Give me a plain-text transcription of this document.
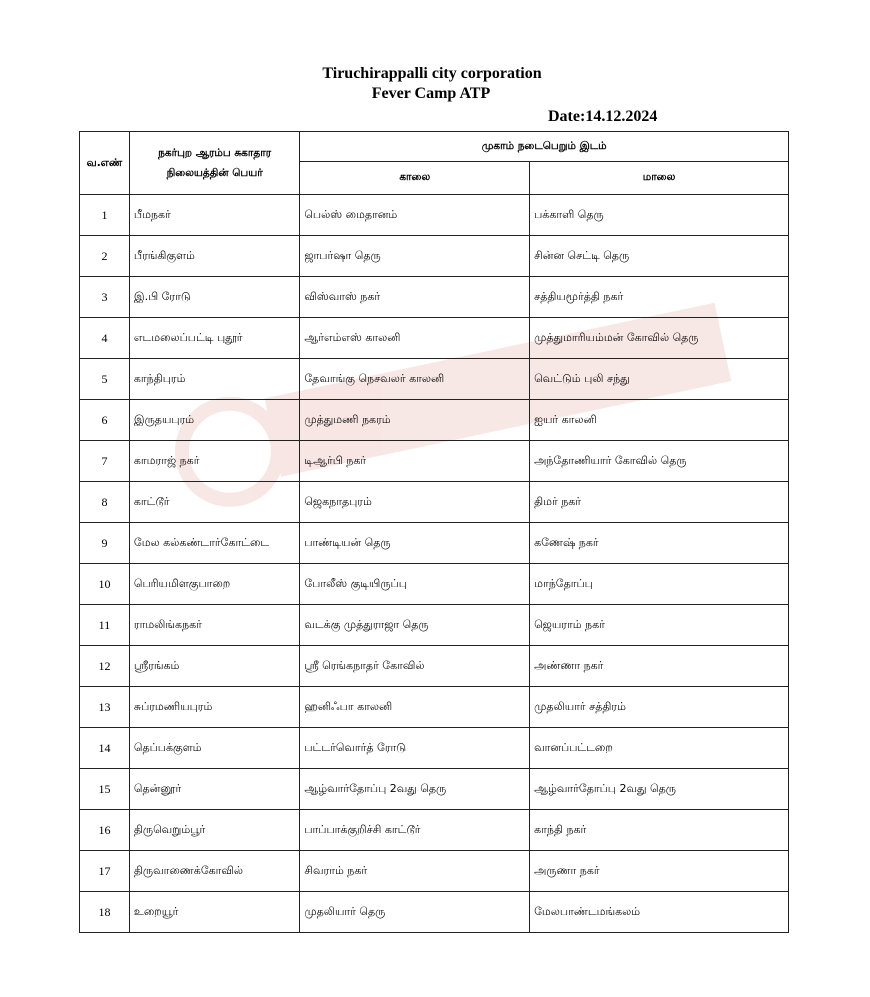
Tiruchirappalli city corporation
Fever Camp ATP
Date:14.12.2024
வ.எண்	நகர்புற ஆரம்ப சுகாதார
நிலையத்தின் பெயர்	முகாம் நடைபெறும் இடம்	
		காலை	மாலை
1	பீமநகர்	பெல்ஸ் மைதானம்	பக்காளி தெரு
2	பீரங்கிகுளம்	ஜாபர்ஷா தெரு	சின்ன செட்டி தெரு
3	இ.பி ரோடு	விஸ்வாஸ் நகர்	சத்தியமூர்த்தி நகர்
4	எடமலைப்பட்டி புதூர்	ஆர்எம்எஸ் காலனி	முத்துமாரியம்மன் கோவில் தெரு
5	காந்திபுரம்	தேவாங்கு நெசவலர் காலனி	வெட்டும் புலி சந்து
6	இருதயபுரம்	முத்துமணி நகரம்	ஐயர் காலனி
7	காமராஜ் நகர்	டிஆர்பி நகர்	அந்தோணியார் கோவில் தெரு
8	காட்டூர்	ஜெகநாதபுரம்	திமர் நகர்
9	மேல கல்கண்டார்கோட்டை	பாண்டியன் தெரு	கணேஷ் நகர்
10	பெரியமிளகுபாறை	போலீஸ் குடியிருப்பு	மாந்தோப்பு
11	ராமலிங்கநகர்	வடக்கு முத்துராஜா தெரு	ஜெயராம் நகர்
12	ஸ்ரீரங்கம்	ஸ்ரீ ரெங்கநாதர் கோவில்	அண்ணா நகர்
13	சுப்ரமணியபுரம்	ஹனிஃபா காலனி	முதலியார் சத்திரம்
14	தெப்பக்குளம்	பட்டர்வொர்த் ரோடு	வானப்பட்டறை
15	தென்னூர்	ஆழ்வார்தோப்பு 2வது தெரு	ஆழ்வார்தோப்பு 2வது தெரு
16	திருவெறும்பூர்	பாப்பாக்குறிச்சி காட்டூர்	காந்தி நகர்
17	திருவாணைக்கோவில்	சிவராம் நகர்	அருணா நகர்
18	உறையூர்	முதலியார் தெரு	மேலபாண்டமங்கலம்
